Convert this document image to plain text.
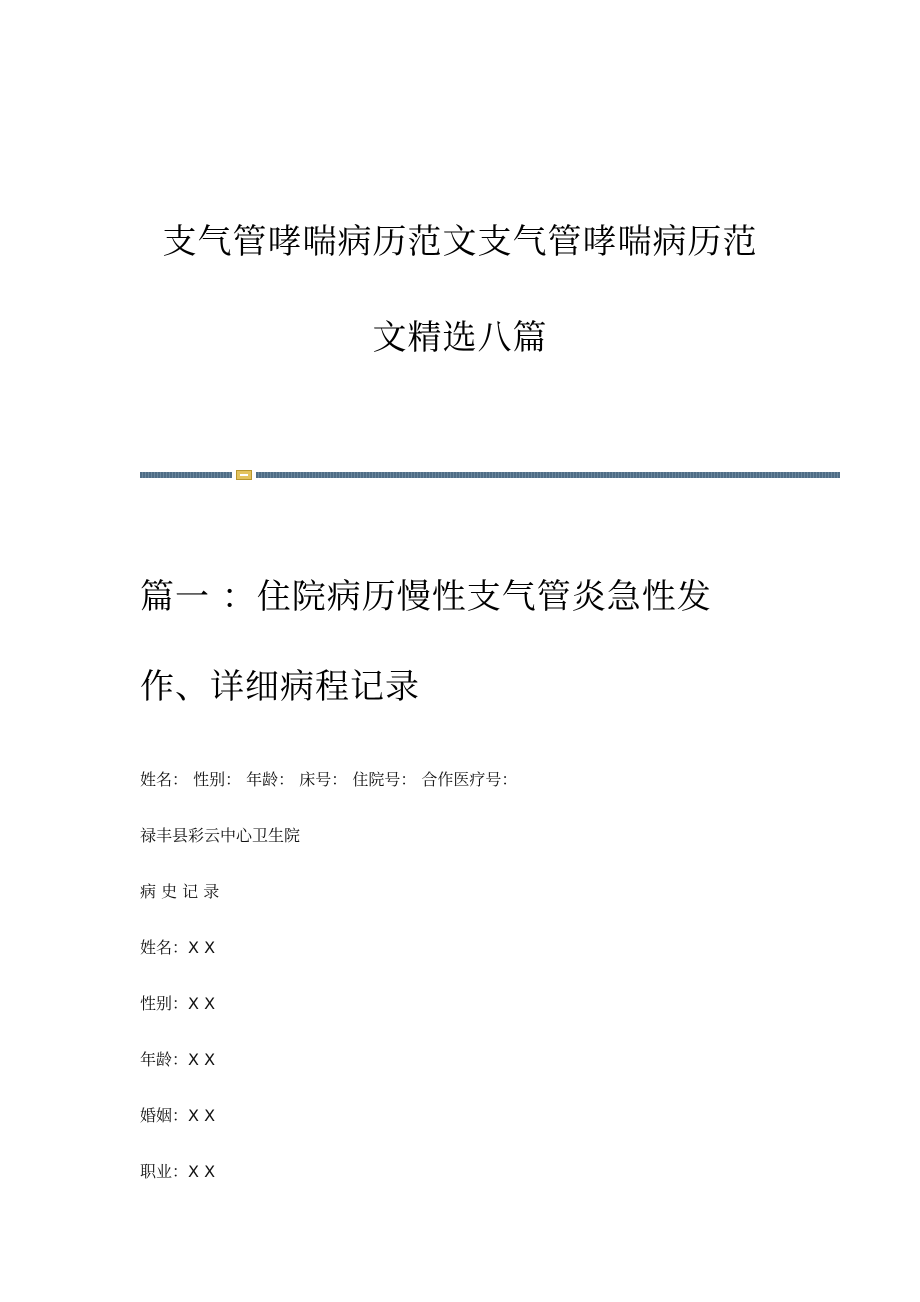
支气管哮喘病历范文支气管哮喘病历范
文精选八篇
篇一 ：住院病历慢性支气管炎急性发
作、详细病程记录
姓名： 性别： 年龄： 床号： 住院号： 合作医疗号：
禄丰县彩云中心卫生院
病 史 记 录
姓名：X X
性别：X X
年龄：X X
婚姻：X X
职业：X X
